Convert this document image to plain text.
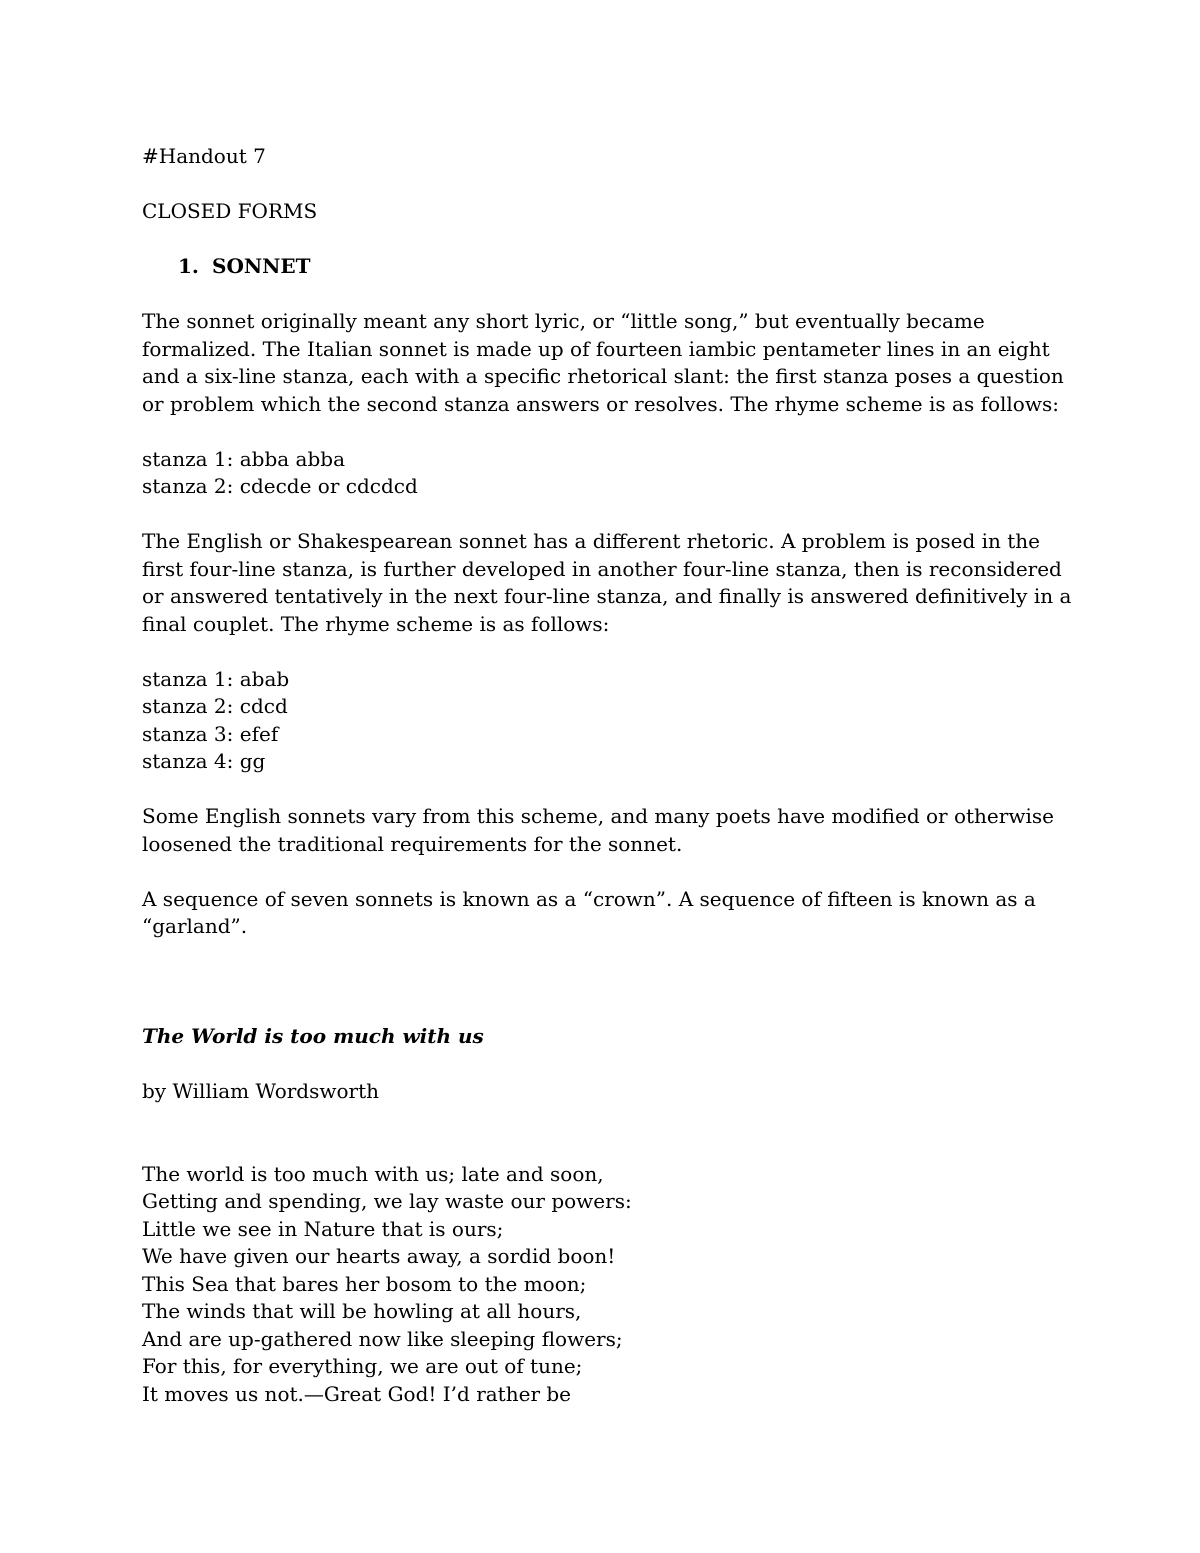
#Handout 7
CLOSED FORMS
1. SONNET
The sonnet originally meant any short lyric, or “little song,” but eventually became
formalized. The Italian sonnet is made up of fourteen iambic pentameter lines in an eight
and a six-line stanza, each with a specific rhetorical slant: the first stanza poses a question
or problem which the second stanza answers or resolves. The rhyme scheme is as follows:
stanza 1: abba abba
stanza 2: cdecde or cdcdcd
The English or Shakespearean sonnet has a different rhetoric. A problem is posed in the
first four-line stanza, is further developed in another four-line stanza, then is reconsidered
or answered tentatively in the next four-line stanza, and finally is answered definitively in a
final couplet. The rhyme scheme is as follows:
stanza 1: abab
stanza 2: cdcd
stanza 3: efef
stanza 4: gg
Some English sonnets vary from this scheme, and many poets have modified or otherwise
loosened the traditional requirements for the sonnet.
A sequence of seven sonnets is known as a “crown”. A sequence of fifteen is known as a
“garland”.
The World is too much with us
by William Wordsworth
The world is too much with us; late and soon,
Getting and spending, we lay waste our powers:
Little we see in Nature that is ours;
We have given our hearts away, a sordid boon!
This Sea that bares her bosom to the moon;
The winds that will be howling at all hours,
And are up-gathered now like sleeping flowers;
For this, for everything, we are out of tune;
It moves us not.—Great God! I’d rather be
